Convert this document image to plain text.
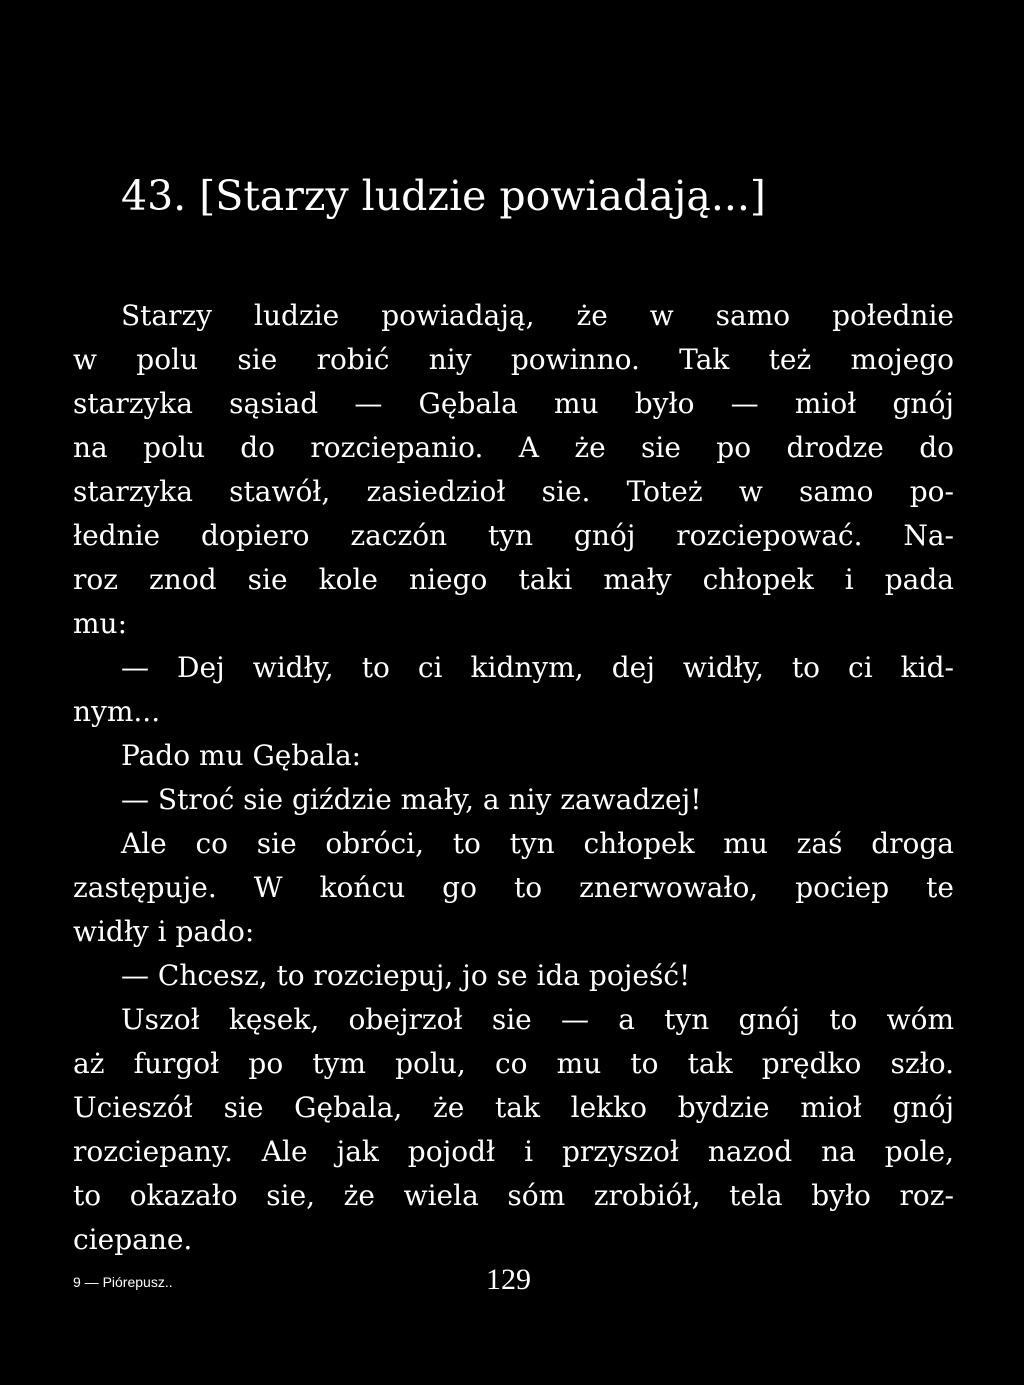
43. [Starzy ludzie powiadają...]
Starzy ludzie powiadają, że w samo połednie
w polu sie robić niy powinno. Tak też mojego
starzyka sąsiad — Gębala mu było — mioł gnój
na polu do rozciepanio. A że sie po drodze do
starzyka stawół, zasiedzioł sie. Toteż w samo po-
łednie dopiero zaczón tyn gnój rozciepować. Na-
roz znod sie kole niego taki mały chłopek i pada
mu:
— Dej widły, to ci kidnym, dej widły, to ci kid-
nym...
Pado mu Gębala:
— Stroć sie giździe mały, a niy zawadzej!
Ale co sie obróci, to tyn chłopek mu zaś droga
zastępuje. W końcu go to znerwowało, pociep te
widły i pado:
— Chcesz, to rozciepuj, jo se ida pojeść!
Uszoł kęsek, obejrzoł sie — a tyn gnój to wóm
aż furgoł po tym polu, co mu to tak prędko szło.
Ucieszół sie Gębala, że tak lekko bydzie mioł gnój
rozciepany. Ale jak pojodł i przyszoł nazod na pole,
to okazało sie, że wiela sóm zrobiół, tela było roz-
ciepane.
9 — Piórepusz..	129
